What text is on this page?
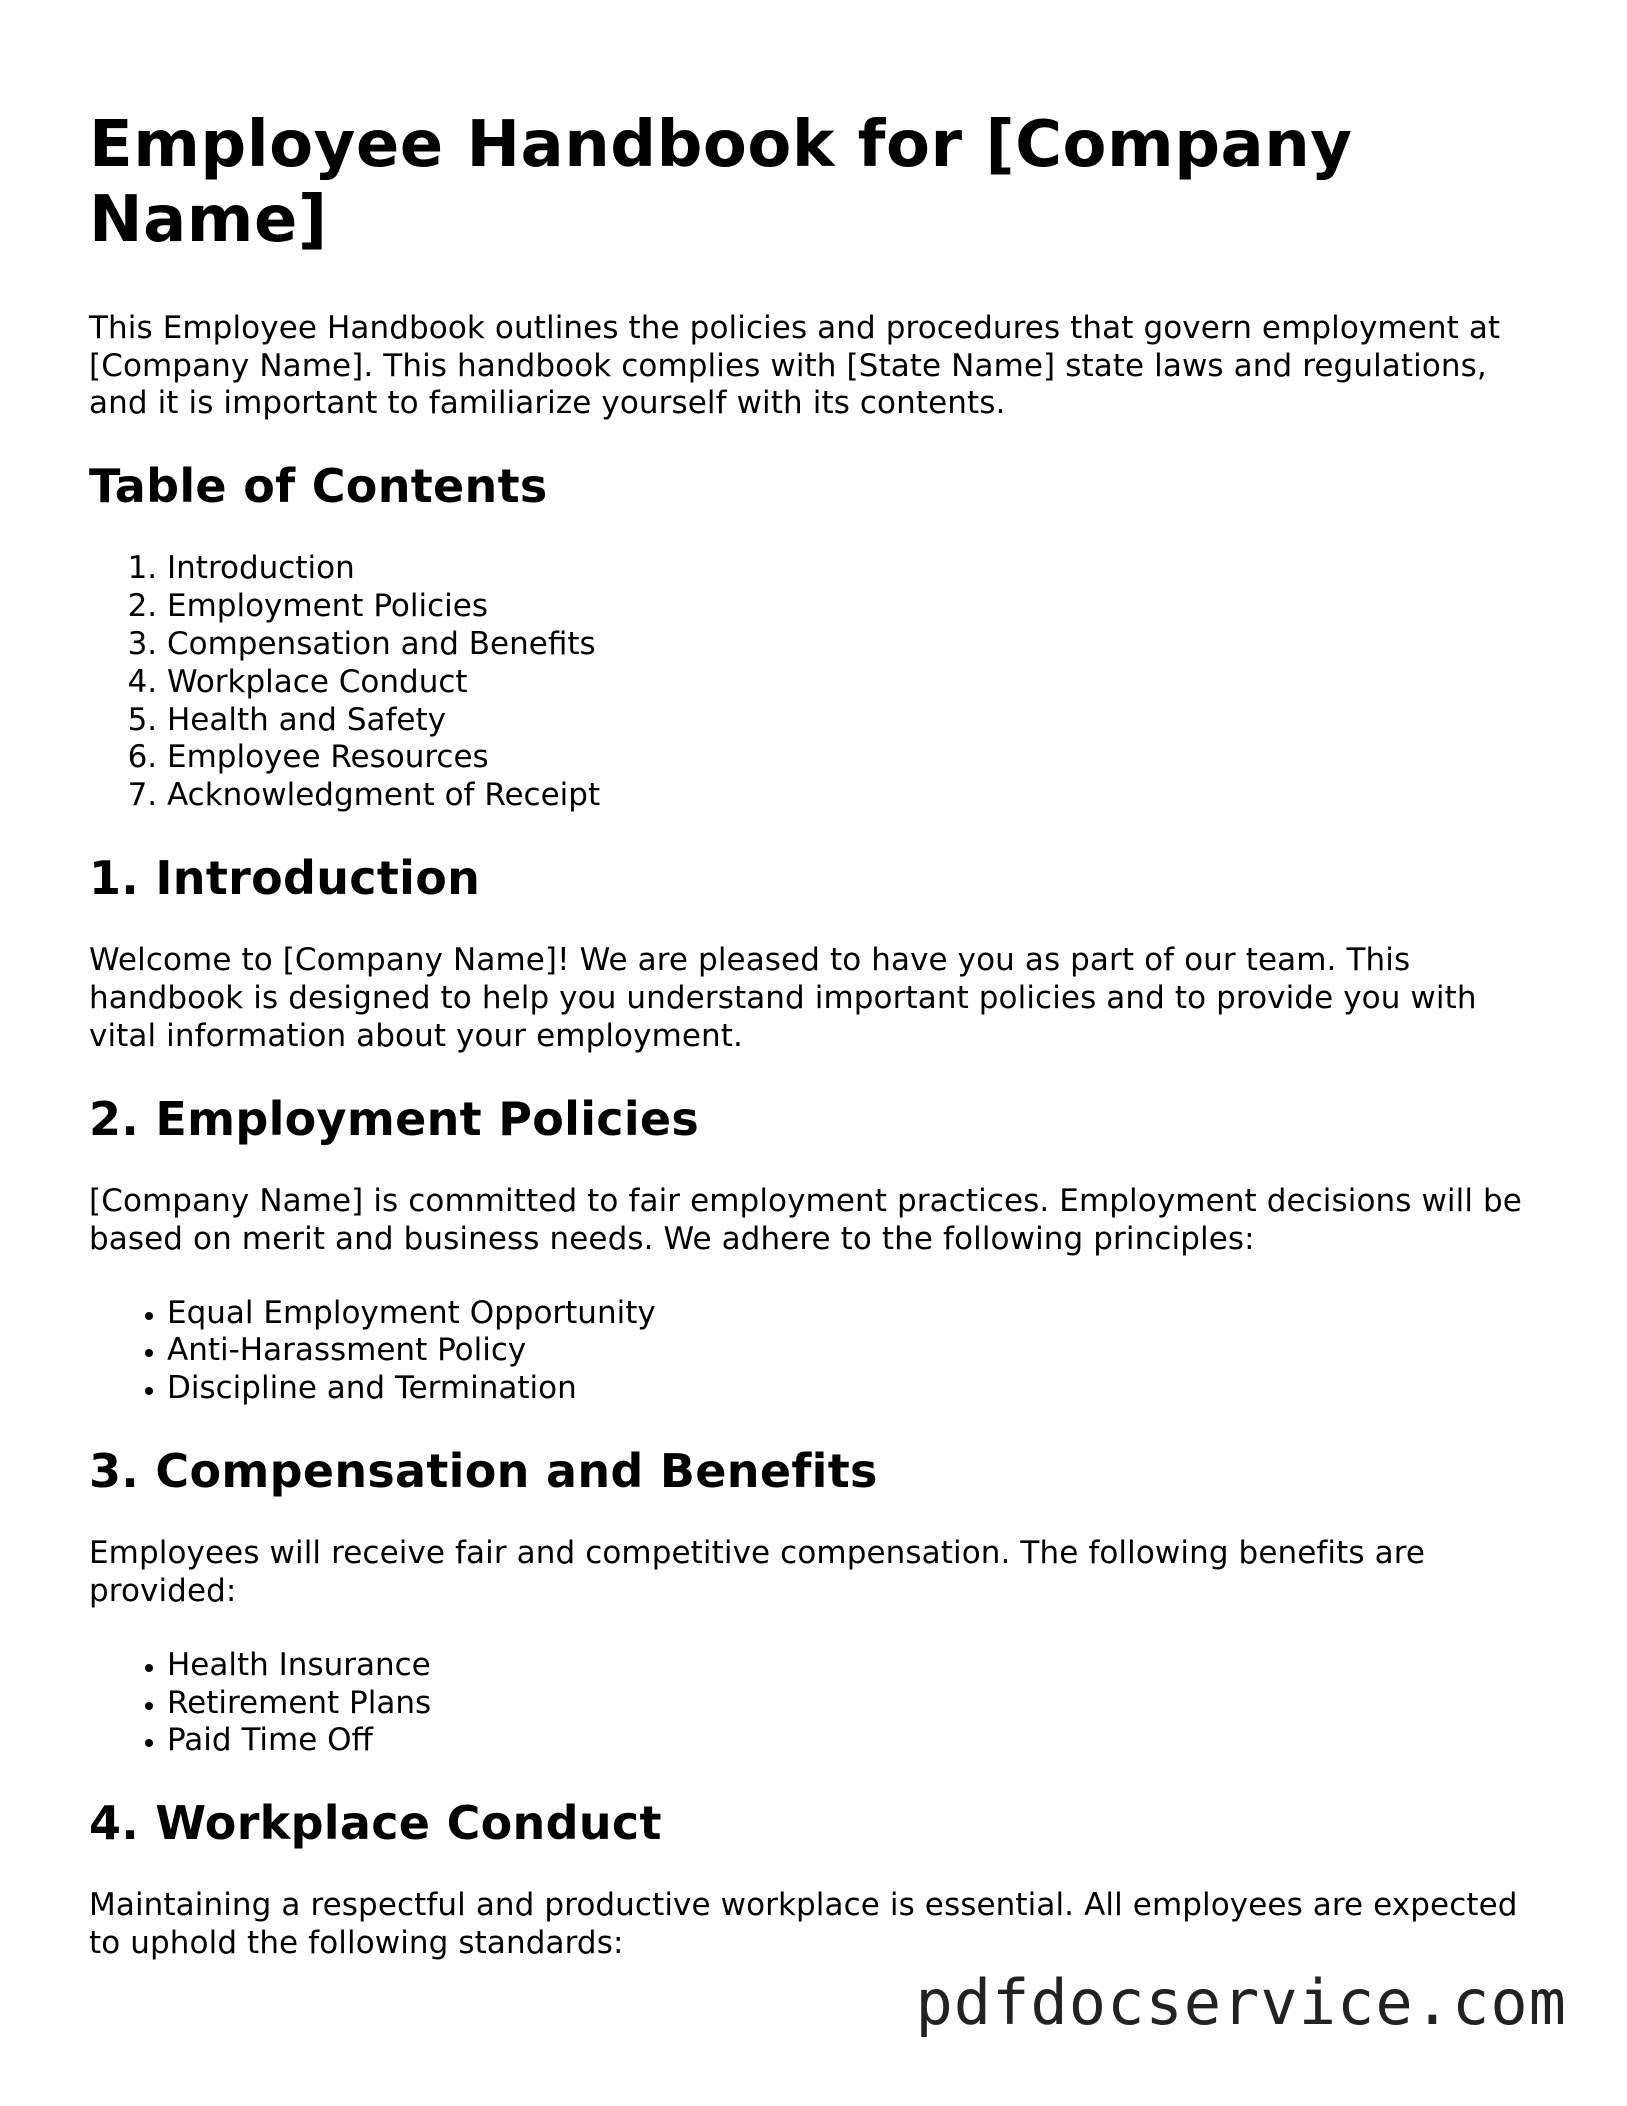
Employee Handbook for [Company Name]

This Employee Handbook outlines the policies and procedures that govern employment at [Company Name]. This handbook complies with [State Name] state laws and regulations, and it is important to familiarize yourself with its contents.

Table of Contents
1. Introduction
2. Employment Policies
3. Compensation and Benefits
4. Workplace Conduct
5. Health and Safety
6. Employee Resources
7. Acknowledgment of Receipt
1. Introduction

Welcome to [Company Name]! We are pleased to have you as part of our team. This handbook is designed to help you understand important policies and to provide you with vital information about your employment.

2. Employment Policies

[Company Name] is committed to fair employment practices. Employment decisions will be based on merit and business needs. We adhere to the following principles:

• Equal Employment Opportunity
• Anti-Harassment Policy
• Discipline and Termination
3. Compensation and Benefits

Employees will receive fair and competitive compensation. The following benefits are provided:

• Health Insurance
• Retirement Plans
• Paid Time Off
4. Workplace Conduct

Maintaining a respectful and productive workplace is essential. All employees are expected to uphold the following standards:

pdfdocservice.com
